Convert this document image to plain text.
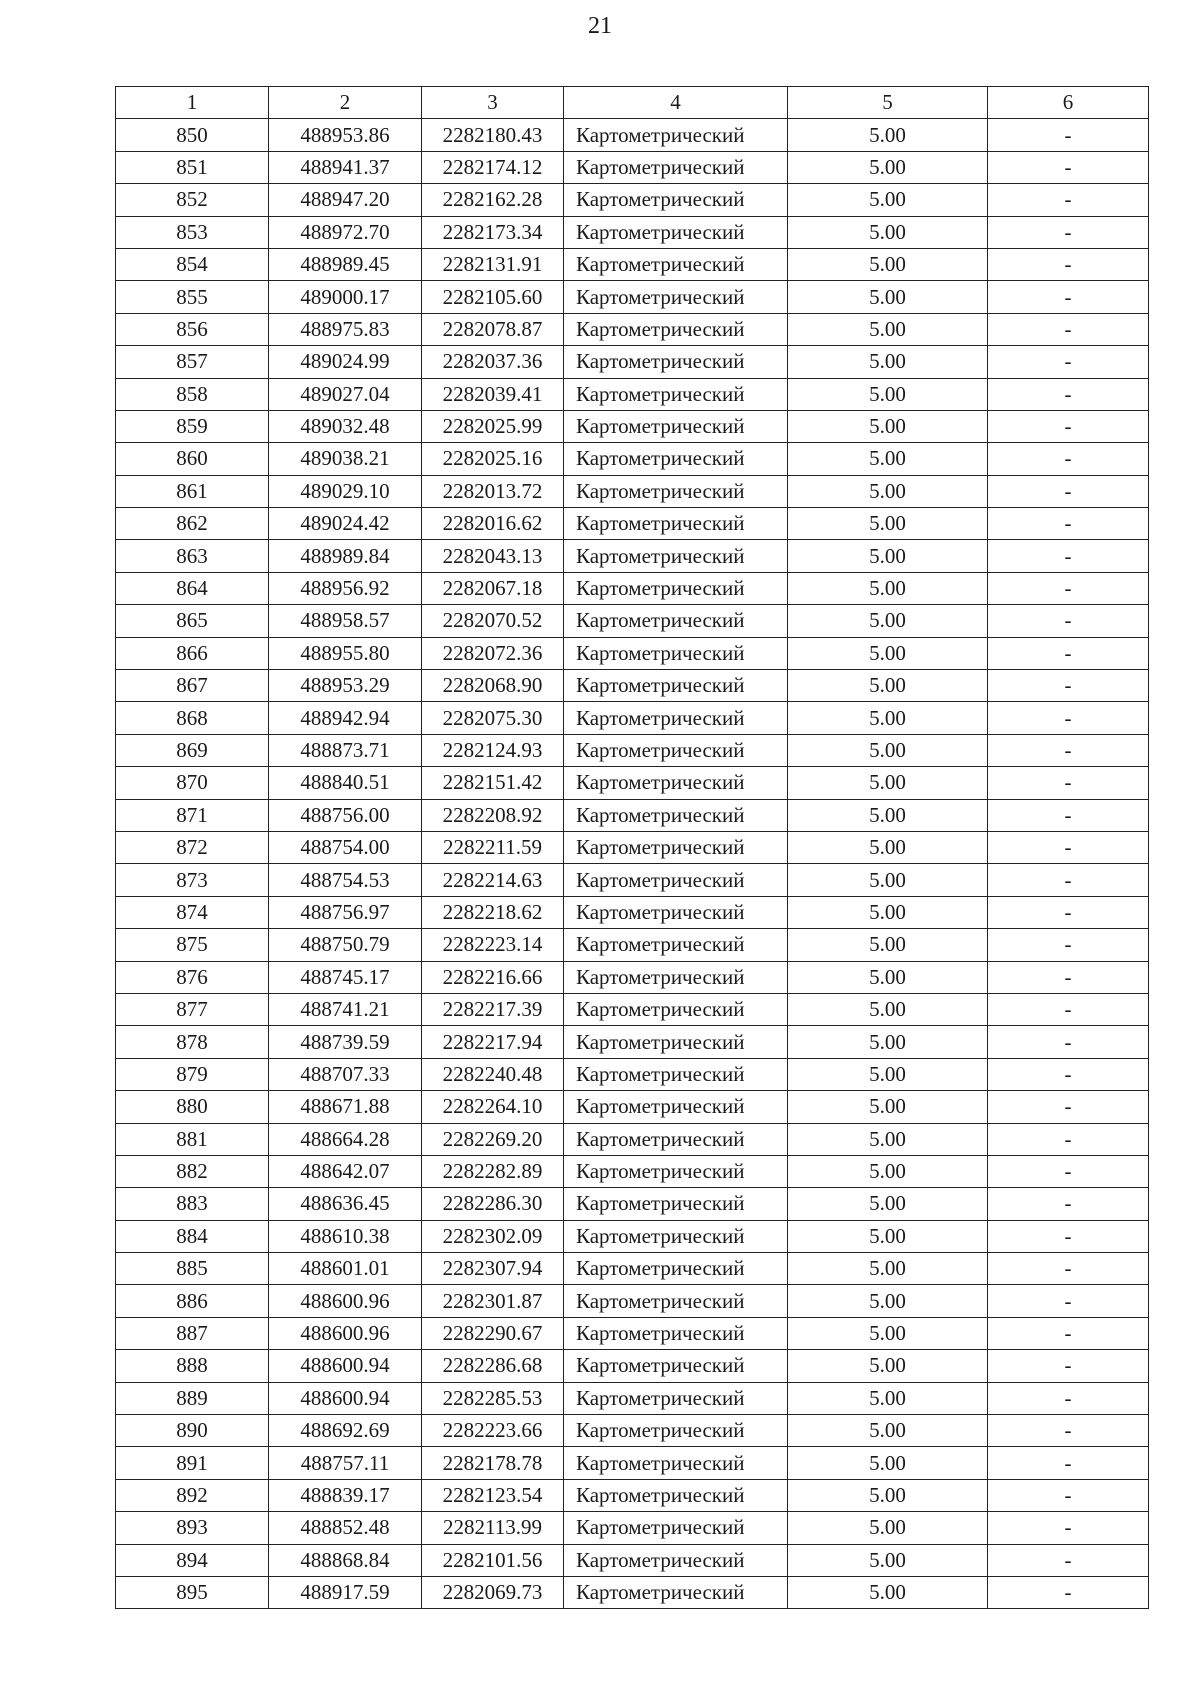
21
1	2	3	4	5	6
850	488953.86	2282180.43	Картометрический	5.00	-
851	488941.37	2282174.12	Картометрический	5.00	-
852	488947.20	2282162.28	Картометрический	5.00	-
853	488972.70	2282173.34	Картометрический	5.00	-
854	488989.45	2282131.91	Картометрический	5.00	-
855	489000.17	2282105.60	Картометрический	5.00	-
856	488975.83	2282078.87	Картометрический	5.00	-
857	489024.99	2282037.36	Картометрический	5.00	-
858	489027.04	2282039.41	Картометрический	5.00	-
859	489032.48	2282025.99	Картометрический	5.00	-
860	489038.21	2282025.16	Картометрический	5.00	-
861	489029.10	2282013.72	Картометрический	5.00	-
862	489024.42	2282016.62	Картометрический	5.00	-
863	488989.84	2282043.13	Картометрический	5.00	-
864	488956.92	2282067.18	Картометрический	5.00	-
865	488958.57	2282070.52	Картометрический	5.00	-
866	488955.80	2282072.36	Картометрический	5.00	-
867	488953.29	2282068.90	Картометрический	5.00	-
868	488942.94	2282075.30	Картометрический	5.00	-
869	488873.71	2282124.93	Картометрический	5.00	-
870	488840.51	2282151.42	Картометрический	5.00	-
871	488756.00	2282208.92	Картометрический	5.00	-
872	488754.00	2282211.59	Картометрический	5.00	-
873	488754.53	2282214.63	Картометрический	5.00	-
874	488756.97	2282218.62	Картометрический	5.00	-
875	488750.79	2282223.14	Картометрический	5.00	-
876	488745.17	2282216.66	Картометрический	5.00	-
877	488741.21	2282217.39	Картометрический	5.00	-
878	488739.59	2282217.94	Картометрический	5.00	-
879	488707.33	2282240.48	Картометрический	5.00	-
880	488671.88	2282264.10	Картометрический	5.00	-
881	488664.28	2282269.20	Картометрический	5.00	-
882	488642.07	2282282.89	Картометрический	5.00	-
883	488636.45	2282286.30	Картометрический	5.00	-
884	488610.38	2282302.09	Картометрический	5.00	-
885	488601.01	2282307.94	Картометрический	5.00	-
886	488600.96	2282301.87	Картометрический	5.00	-
887	488600.96	2282290.67	Картометрический	5.00	-
888	488600.94	2282286.68	Картометрический	5.00	-
889	488600.94	2282285.53	Картометрический	5.00	-
890	488692.69	2282223.66	Картометрический	5.00	-
891	488757.11	2282178.78	Картометрический	5.00	-
892	488839.17	2282123.54	Картометрический	5.00	-
893	488852.48	2282113.99	Картометрический	5.00	-
894	488868.84	2282101.56	Картометрический	5.00	-
895	488917.59	2282069.73	Картометрический	5.00	-
